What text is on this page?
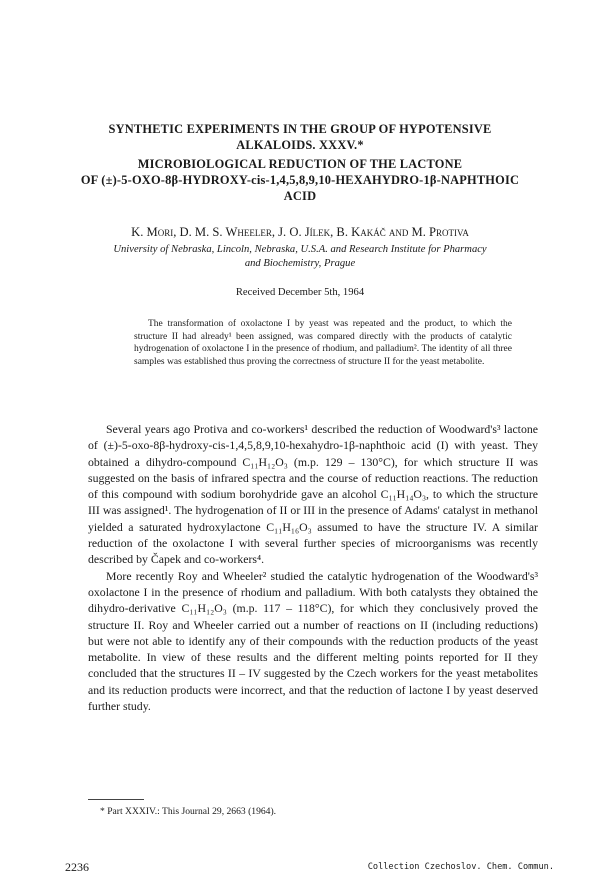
SYNTHETIC EXPERIMENTS IN THE GROUP OF HYPOTENSIVE
ALKALOIDS. XXXV.*
MICROBIOLOGICAL REDUCTION OF THE LACTONE
OF (±)-5-OXO-8β-HYDROXY-cis-1,4,5,8,9,10-HEXAHYDRO-1β-NAPHTHOIC
ACID
K. Mori, D. M. S. Wheeler, J. O. Jílek, B. Kakáč and M. Protiva
University of Nebraska, Lincoln, Nebraska, U.S.A. and Research Institute for Pharmacy
and Biochemistry, Prague
Received December 5th, 1964
The transformation of oxolactone I by yeast was repeated and the product, to which the structure II had already¹ been assigned, was compared directly with the products of catalytic hydrogenation of oxolactone I in the presence of rhodium, and palladium². The identity of all three samples was established thus proving the correctness of structure II for the yeast metabolite.

Several years ago Protiva and co-workers¹ described the reduction of Woodward's³ lactone of (±)-5-oxo-8β-hydroxy-cis-1,4,5,8,9,10-hexahydro-1β-naphthoic acid (I) with yeast. They obtained a dihydro-compound C₁₁H₁₂O₃ (m.p. 129 – 130°C), for which structure II was suggested on the basis of infrared spectra and the course of reduction reactions. The reduction of this compound with sodium borohydride gave an alcohol C₁₁H₁₄O₃, to which the structure III was assigned¹. The hydrogenation of II or III in the presence of Adams' catalyst in methanol yielded a saturated hydroxylactone C₁₁H₁₆O₃ assumed to have the structure IV. A similar reduction of the oxolactone I with several further species of microorganisms was recently described by Čapek and co-workers⁴.

More recently Roy and Wheeler² studied the catalytic hydrogenation of the Woodward's³ oxolactone I in the presence of rhodium and palladium. With both catalysts they obtained the dihydro-derivative C₁₁H₁₂O₃ (m.p. 117 – 118°C), for which they conclusively proved the structure II. Roy and Wheeler carried out a number of reactions on II (including reductions) but were not able to identify any of their compounds with the reduction products of the yeast metabolite. In view of these results and the different melting points reported for II they concluded that the structures II – IV suggested by the Czech workers for the yeast metabolites and its reduction products were incorrect, and that the reduction of lactone I by yeast deserved further study.

* Part XXXIV.: This Journal 29, 2663 (1964).
2236	Collection Czechoslov. Chem. Commun.
